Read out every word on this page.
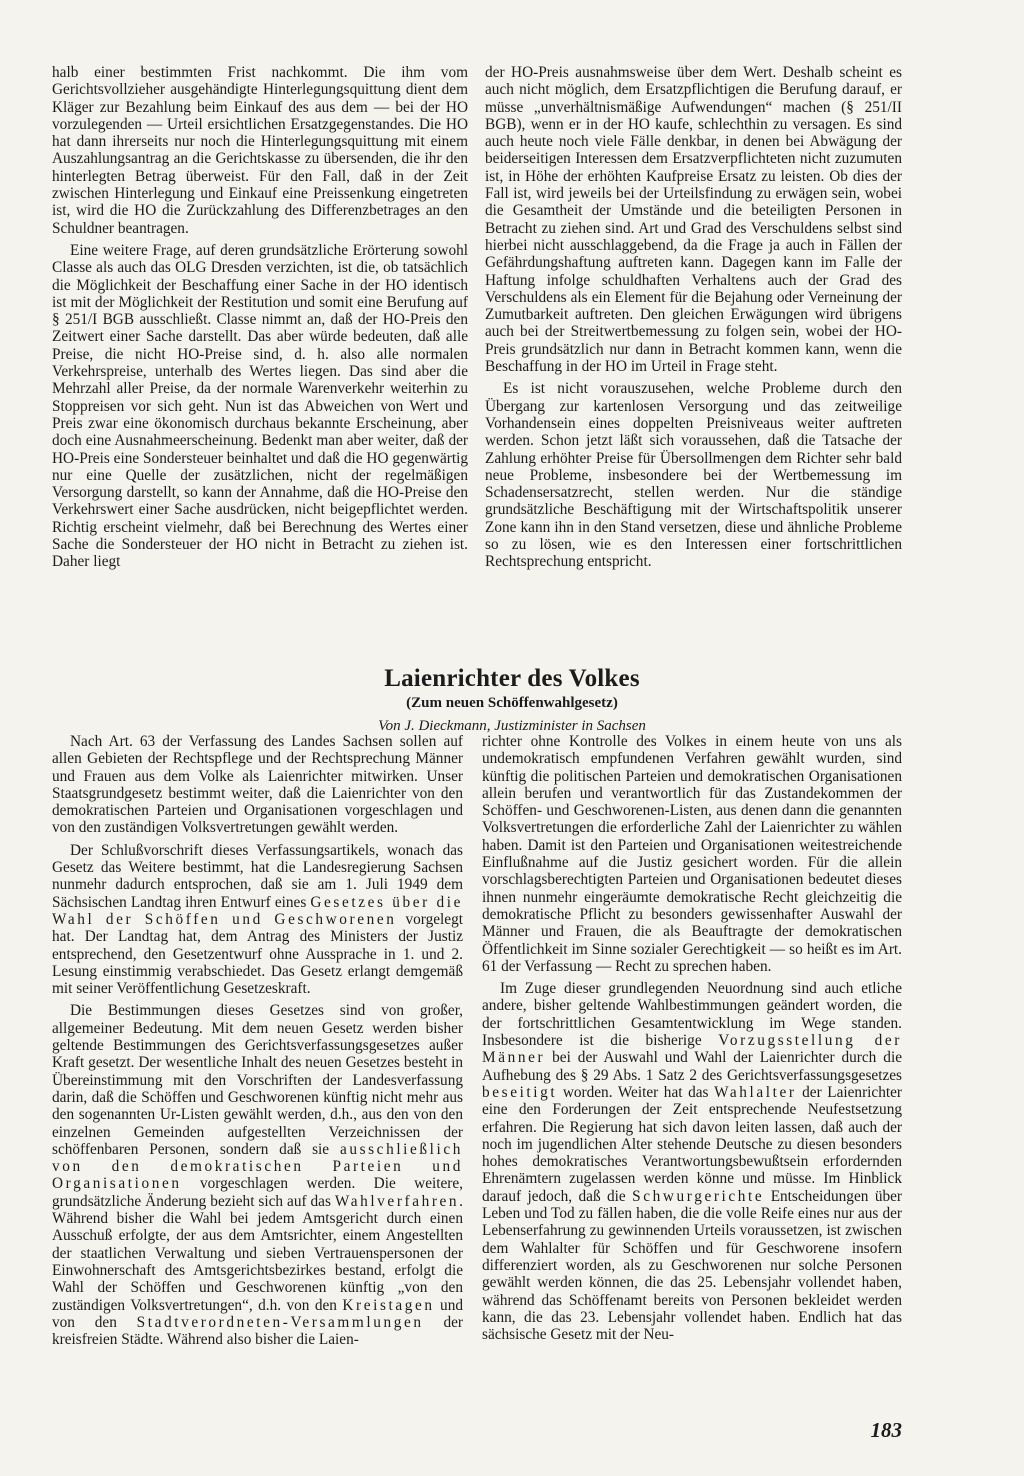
halb einer bestimmten Frist nachkommt. Die ihm vom Gerichtsvollzieher ausgehändigte Hinterlegungsquittung dient dem Kläger zur Bezahlung beim Einkauf des aus dem — bei der HO vorzulegenden — Urteil ersichtlichen Ersatzgegenstandes. Die HO hat dann ihrerseits nur noch die Hinterlegungsquittung mit einem Auszahlungsantrag an die Gerichtskasse zu übersenden, die ihr den hinterlegten Betrag überweist. Für den Fall, daß in der Zeit zwischen Hinterlegung und Einkauf eine Preissenkung eingetreten ist, wird die HO die Zurückzahlung des Differenzbetrages an den Schuldner beantragen.

Eine weitere Frage, auf deren grundsätzliche Erörterung sowohl Classe als auch das OLG Dresden verzichten, ist die, ob tatsächlich die Möglichkeit der Beschaffung einer Sache in der HO identisch ist mit der Möglichkeit der Restitution und somit eine Berufung auf § 251/I BGB ausschließt. Classe nimmt an, daß der HO-Preis den Zeitwert einer Sache darstellt. Das aber würde bedeuten, daß alle Preise, die nicht HO-Preise sind, d. h. also alle normalen Verkehrspreise, unterhalb des Wertes liegen. Das sind aber die Mehrzahl aller Preise, da der normale Warenverkehr weiterhin zu Stoppreisen vor sich geht. Nun ist das Abweichen von Wert und Preis zwar eine ökonomisch durchaus bekannte Erscheinung, aber doch eine Ausnahmeerscheinung. Bedenkt man aber weiter, daß der HO-Preis eine Sondersteuer beinhaltet und daß die HO gegenwärtig nur eine Quelle der zusätzlichen, nicht der regelmäßigen Versorgung darstellt, so kann der Annahme, daß die HO-Preise den Verkehrswert einer Sache ausdrücken, nicht beigepflichtet werden. Richtig erscheint vielmehr, daß bei Berechnung des Wertes einer Sache die Sondersteuer der HO nicht in Betracht zu ziehen ist. Daher liegt

der HO-Preis ausnahmsweise über dem Wert. Deshalb scheint es auch nicht möglich, dem Ersatzpflichtigen die Berufung darauf, er müsse „unverhältnismäßige Aufwendungen“ machen (§ 251/II BGB), wenn er in der HO kaufe, schlechthin zu versagen. Es sind auch heute noch viele Fälle denkbar, in denen bei Abwägung der beiderseitigen Interessen dem Ersatzverpflichteten nicht zuzumuten ist, in Höhe der erhöhten Kaufpreise Ersatz zu leisten. Ob dies der Fall ist, wird jeweils bei der Urteilsfindung zu erwägen sein, wobei die Gesamtheit der Umstände und die beteiligten Personen in Betracht zu ziehen sind. Art und Grad des Verschuldens selbst sind hierbei nicht ausschlaggebend, da die Frage ja auch in Fällen der Gefährdungshaftung auftreten kann. Dagegen kann im Falle der Haftung infolge schuldhaften Verhaltens auch der Grad des Verschuldens als ein Element für die Bejahung oder Verneinung der Zumutbarkeit auftreten. Den gleichen Erwägungen wird übrigens auch bei der Streitwertbemessung zu folgen sein, wobei der HO-Preis grundsätzlich nur dann in Betracht kommen kann, wenn die Beschaffung in der HO im Urteil in Frage steht.

Es ist nicht vorauszusehen, welche Probleme durch den Übergang zur kartenlosen Versorgung und das zeitweilige Vorhandensein eines doppelten Preisniveaus weiter auftreten werden. Schon jetzt läßt sich voraussehen, daß die Tatsache der Zahlung erhöhter Preise für Übersollmengen dem Richter sehr bald neue Probleme, insbesondere bei der Wertbemessung im Schadensersatzrecht, stellen werden. Nur die ständige grundsätzliche Beschäftigung mit der Wirtschaftspolitik unserer Zone kann ihn in den Stand versetzen, diese und ähnliche Probleme so zu lösen, wie es den Interessen einer fortschrittlichen Rechtsprechung entspricht.

Laienrichter des Volkes
(Zum neuen Schöffenwahlgesetz)
Von J. Dieckmann, Justizminister in Sachsen

Nach Art. 63 der Verfassung des Landes Sachsen sollen auf allen Gebieten der Rechtspflege und der Rechtsprechung Männer und Frauen aus dem Volke als Laienrichter mitwirken. Unser Staatsgrundgesetz bestimmt weiter, daß die Laienrichter von den demokratischen Parteien und Organisationen vorgeschlagen und von den zuständigen Volksvertretungen gewählt werden.

Der Schlußvorschrift dieses Verfassungsartikels, wonach das Gesetz das Weitere bestimmt, hat die Landesregierung Sachsen nunmehr dadurch entsprochen, daß sie am 1. Juli 1949 dem Sächsischen Landtag ihren Entwurf eines Gesetzes über die Wahl der Schöffen und Geschworenen vorgelegt hat. Der Landtag hat, dem Antrag des Ministers der Justiz entsprechend, den Gesetzentwurf ohne Aussprache in 1. und 2. Lesung einstimmig verabschiedet. Das Gesetz erlangt demgemäß mit seiner Veröffentlichung Gesetzeskraft.

Die Bestimmungen dieses Gesetzes sind von großer, allgemeiner Bedeutung. Mit dem neuen Gesetz werden bisher geltende Bestimmungen des Gerichtsverfassungsgesetzes außer Kraft gesetzt. Der wesentliche Inhalt des neuen Gesetzes besteht in Übereinstimmung mit den Vorschriften der Landesverfassung darin, daß die Schöffen und Geschworenen künftig nicht mehr aus den sogenannten Ur-Listen gewählt werden, d.h., aus den von den einzelnen Gemeinden aufgestellten Verzeichnissen der schöffenbaren Personen, sondern daß sie ausschließlich von den demokratischen Parteien und Organisationen vorgeschlagen werden. Die weitere, grundsätzliche Änderung bezieht sich auf das Wahlverfahren. Während bisher die Wahl bei jedem Amtsgericht durch einen Ausschuß erfolgte, der aus dem Amtsrichter, einem Angestellten der staatlichen Verwaltung und sieben Vertrauenspersonen der Einwohnerschaft des Amtsgerichtsbezirkes bestand, erfolgt die Wahl der Schöffen und Geschworenen künftig „von den zuständigen Volksvertretungen“, d.h. von den Kreistagen und von den Stadtverordneten-Versammlungen der kreisfreien Städte. Während also bisher die Laien-

richter ohne Kontrolle des Volkes in einem heute von uns als undemokratisch empfundenen Verfahren gewählt wurden, sind künftig die politischen Parteien und demokratischen Organisationen allein berufen und verantwortlich für das Zustandekommen der Schöffen- und Geschworenen-Listen, aus denen dann die genannten Volksvertretungen die erforderliche Zahl der Laienrichter zu wählen haben. Damit ist den Parteien und Organisationen weitestreichende Einflußnahme auf die Justiz gesichert worden. Für die allein vorschlagsberechtigten Parteien und Organisationen bedeutet dieses ihnen nunmehr eingeräumte demokratische Recht gleichzeitig die demokratische Pflicht zu besonders gewissenhafter Auswahl der Männer und Frauen, die als Beauftragte der demokratischen Öffentlichkeit im Sinne sozialer Gerechtigkeit — so heißt es im Art. 61 der Verfassung — Recht zu sprechen haben.

Im Zuge dieser grundlegenden Neuordnung sind auch etliche andere, bisher geltende Wahlbestimmungen geändert worden, die der fortschrittlichen Gesamtentwicklung im Wege standen. Insbesondere ist die bisherige Vorzugsstellung der Männer bei der Auswahl und Wahl der Laienrichter durch die Aufhebung des § 29 Abs. 1 Satz 2 des Gerichtsverfassungsgesetzes beseitigt worden. Weiter hat das Wahlalter der Laienrichter eine den Forderungen der Zeit entsprechende Neufestsetzung erfahren. Die Regierung hat sich davon leiten lassen, daß auch der noch im jugendlichen Alter stehende Deutsche zu diesen besonders hohes demokratisches Verantwortungsbewußtsein erfordernden Ehrenämtern zugelassen werden könne und müsse. Im Hinblick darauf jedoch, daß die Schwurgerichte Entscheidungen über Leben und Tod zu fällen haben, die die volle Reife eines nur aus der Lebenserfahrung zu gewinnenden Urteils voraussetzen, ist zwischen dem Wahlalter für Schöffen und für Geschworene insofern differenziert worden, als zu Geschworenen nur solche Personen gewählt werden können, die das 25. Lebensjahr vollendet haben, während das Schöffenamt bereits von Personen bekleidet werden kann, die das 23. Lebensjahr vollendet haben. Endlich hat das sächsische Gesetz mit der Neu-

183
